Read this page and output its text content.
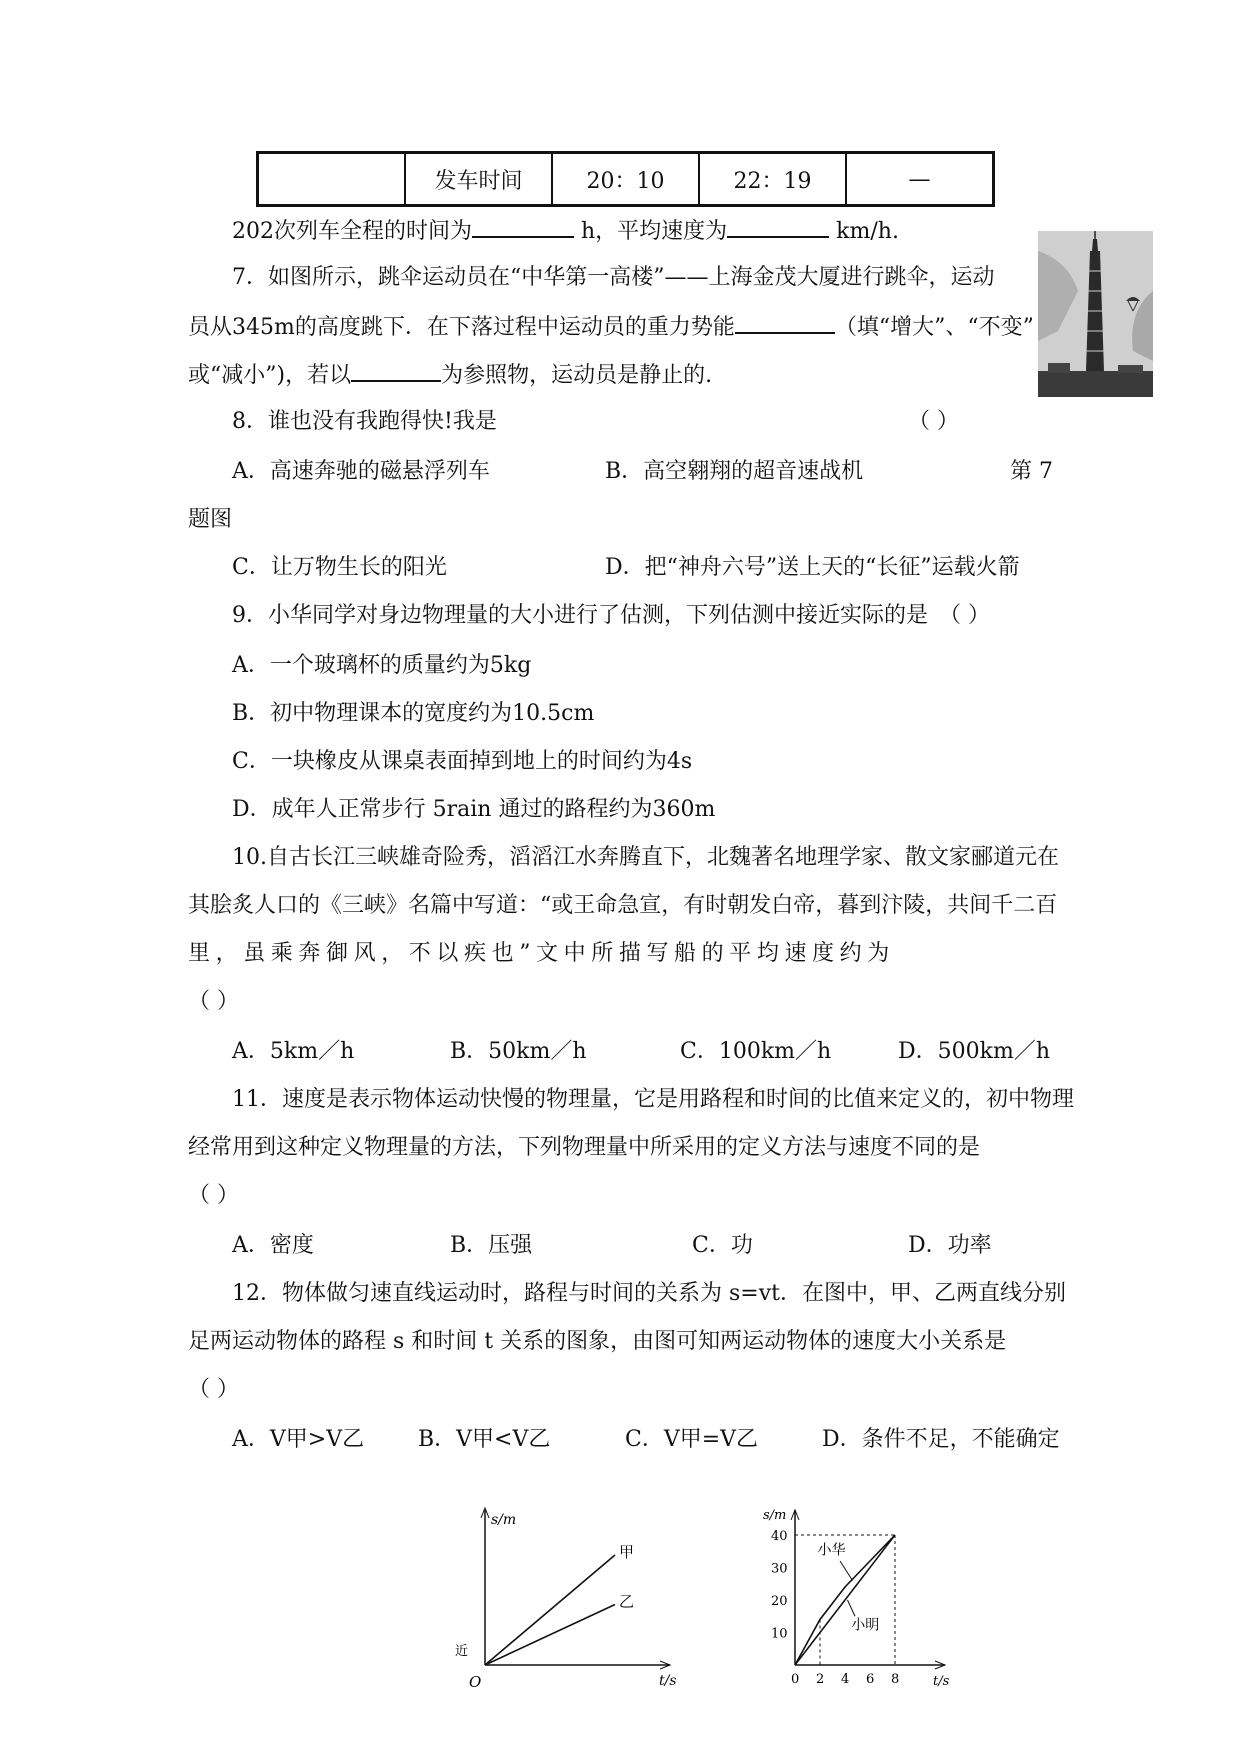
	发车时间	20：10	22：19	—
202次列车全程的时间为	h，平均速度为	km/h.
7．如图所示，跳伞运动员在“中华第一高楼”——上海金茂大厦进行跳伞，运动
员从345m的高度跳下．在下落过程中运动员的重力势能	（填“增大”、“不变”
或“减小”)，若以	为参照物，运动员是静止的.
8．谁也没有我跑得快!我是	（ ）
A．高速奔驰的磁悬浮列车	B．高空翱翔的超音速战机	第 7
题图
C．让万物生长的阳光	D．把“神舟六号”送上天的“长征”运载火箭
9．小华同学对身边物理量的大小进行了估测，下列估测中接近实际的是　（ ）
A．一个玻璃杯的质量约为5kg
B．初中物理课本的宽度约为10.5cm
C．一块橡皮从课桌表面掉到地上的时间约为4s
D．成年人正常步行 5rain 通过的路程约为360m
10.自古长江三峡雄奇险秀，滔滔江水奔腾直下，北魏著名地理学家、散文家郦道元在
其脍炙人口的《三峡》名篇中写道：“或王命急宣，有时朝发白帝，暮到汴陵，共间千二百
里，虽乘奔御风，不以疾也”文中所描写船的平均速度约为
（ ）
A．5km／h	B．50km／h	C．100km／h	D．500km／h
11．速度是表示物体运动快慢的物理量，它是用路程和时间的比值来定义的，初中物理
经常用到这种定义物理量的方法，下列物理量中所采用的定义方法与速度不同的是
（ ）
A．密度	B．压强	C．功	D．功率
12．物体做匀速直线运动时，路程与时间的关系为 s=vt．在图中，甲、乙两直线分别
足两运动物体的路程 s 和时间 t 关系的图象，由图可知两运动物体的速度大小关系是
（ ）
A．V甲>V乙 B．V甲<V乙	C．V甲=V乙	D．条件不足，不能确定
s/m
t/s
O
近
甲
乙
s/m
t/s
0 2 4 6 8
10
20
30
40
小华
小明
